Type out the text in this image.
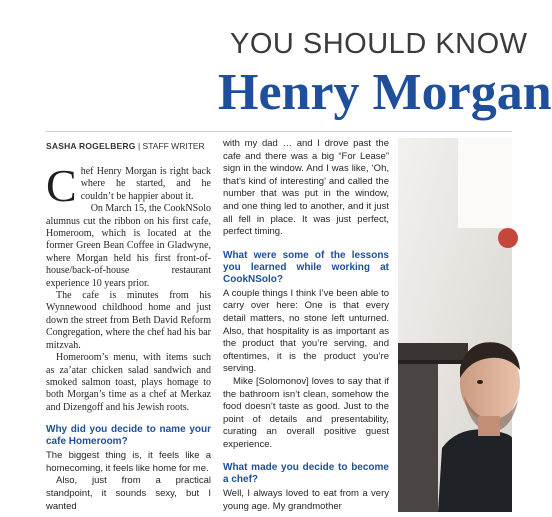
YOU SHOULD KNOW
Henry Morgan
SASHA ROGELBERG | STAFF WRITER

Chef Henry Morgan is right back where he started, and he couldn’t be happier about it.

On March 15, the CookNSolo alumnus cut the ribbon on his first cafe, Homeroom, which is located at the former Green Bean Coffee in Gladwyne, where Morgan held his first front-of-house/back-of-house restaurant experience 10 years prior.

The cafe is minutes from his Wynnewood childhood home and just down the street from Beth David Reform Congregation, where the chef had his bar mitzvah.

Homeroom’s menu, with items such as za’atar chicken salad sandwich and smoked salmon toast, plays homage to both Morgan’s time as a chef at Merkaz and Dizengoff and his Jewish roots.

Why did you decide to name your cafe Homeroom?

The biggest thing is, it feels like a homecoming, it feels like home for me.

Also, just from a practical standpoint, it sounds sexy, but I wanted

with my dad … and I drove past the cafe and there was a big “For Lease” sign in the window. And I was like, ‘Oh, that’s kind of interesting’ and called the number that was put in the window, and one thing led to another, and it just all fell in place. It was just perfect, perfect timing.

What were some of the lessons you learned while working at CookNSolo?

A couple things I think I’ve been able to carry over here: One is that every detail matters, no stone left unturned. Also, that hospitality is as important as the product that you’re serving, and oftentimes, it is the product you’re serving.

Mike [Solomonov] loves to say that if the bathroom isn’t clean, somehow the food doesn’t taste as good. Just to the point of details and presentability, curating an overall positive guest experience.

What made you decide to become a chef?

Well, I always loved to eat from a very young age. My grandmother
